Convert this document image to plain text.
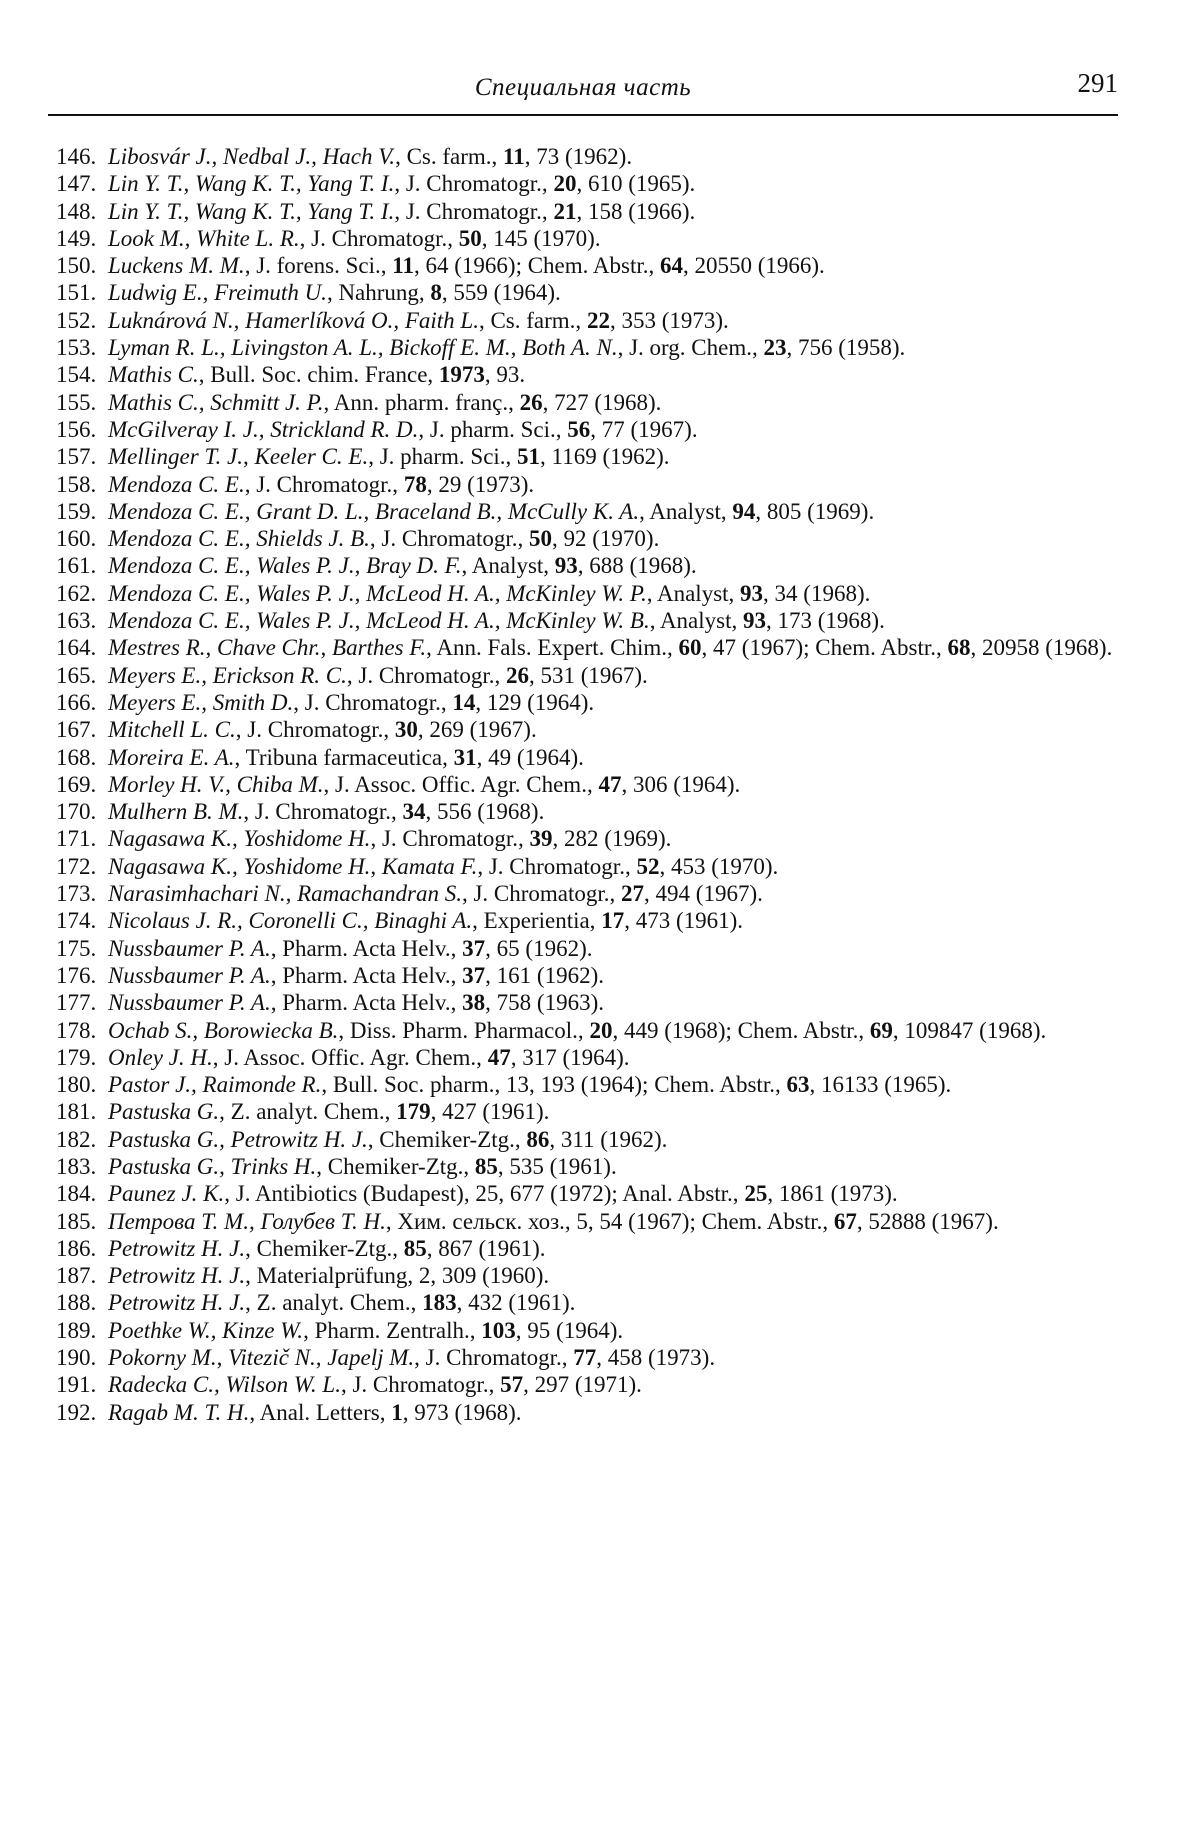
Специальная часть	291
146. Libosvár J., Nedbal J., Hach V., Cs. farm., 11, 73 (1962).
147. Lin Y. T., Wang K. T., Yang T. I., J. Chromatogr., 20, 610 (1965).
148. Lin Y. T., Wang K. T., Yang T. I., J. Chromatogr., 21, 158 (1966).
149. Look M., White L. R., J. Chromatogr., 50, 145 (1970).
150. Luckens M. M., J. forens. Sci., 11, 64 (1966); Chem. Abstr., 64, 20550 (1966).
151. Ludwig E., Freimuth U., Nahrung, 8, 559 (1964).
152. Luknárová N., Hamerlíková O., Faith L., Cs. farm., 22, 353 (1973).
153. Lyman R. L., Livingston A. L., Bickoff E. M., Both A. N., J. org. Chem., 23, 756 (1958).
154. Mathis C., Bull. Soc. chim. France, 1973, 93.
155. Mathis C., Schmitt J. P., Ann. pharm. franç., 26, 727 (1968).
156. McGilveray I. J., Strickland R. D., J. pharm. Sci., 56, 77 (1967).
157. Mellinger T. J., Keeler C. E., J. pharm. Sci., 51, 1169 (1962).
158. Mendoza C. E., J. Chromatogr., 78, 29 (1973).
159. Mendoza C. E., Grant D. L., Braceland B., McCully K. A., Analyst, 94, 805 (1969).
160. Mendoza C. E., Shields J. B., J. Chromatogr., 50, 92 (1970).
161. Mendoza C. E., Wales P. J., Bray D. F., Analyst, 93, 688 (1968).
162. Mendoza C. E., Wales P. J., McLeod H. A., McKinley W. P., Analyst, 93, 34 (1968).
163. Mendoza C. E., Wales P. J., McLeod H. A., McKinley W. B., Analyst, 93, 173 (1968).
164. Mestres R., Chave Chr., Barthes F., Ann. Fals. Expert. Chim., 60, 47 (1967); Chem. Abstr., 68, 20958 (1968).
165. Meyers E., Erickson R. C., J. Chromatogr., 26, 531 (1967).
166. Meyers E., Smith D., J. Chromatogr., 14, 129 (1964).
167. Mitchell L. C., J. Chromatogr., 30, 269 (1967).
168. Moreira E. A., Tribuna farmaceutica, 31, 49 (1964).
169. Morley H. V., Chiba M., J. Assoc. Offic. Agr. Chem., 47, 306 (1964).
170. Mulhern B. M., J. Chromatogr., 34, 556 (1968).
171. Nagasawa K., Yoshidome H., J. Chromatogr., 39, 282 (1969).
172. Nagasawa K., Yoshidome H., Kamata F., J. Chromatogr., 52, 453 (1970).
173. Narasimhachari N., Ramachandran S., J. Chromatogr., 27, 494 (1967).
174. Nicolaus J. R., Coronelli C., Binaghi A., Experientia, 17, 473 (1961).
175. Nussbaumer P. A., Pharm. Acta Helv., 37, 65 (1962).
176. Nussbaumer P. A., Pharm. Acta Helv., 37, 161 (1962).
177. Nussbaumer P. A., Pharm. Acta Helv., 38, 758 (1963).
178. Ochab S., Borowiecka B., Diss. Pharm. Pharmacol., 20, 449 (1968); Chem. Abstr., 69, 109847 (1968).
179. Onley J. H., J. Assoc. Offic. Agr. Chem., 47, 317 (1964).
180. Pastor J., Raimonde R., Bull. Soc. pharm., 13, 193 (1964); Chem. Abstr., 63, 16133 (1965).
181. Pastuska G., Z. analyt. Chem., 179, 427 (1961).
182. Pastuska G., Petrowitz H. J., Chemiker-Ztg., 86, 311 (1962).
183. Pastuska G., Trinks H., Chemiker-Ztg., 85, 535 (1961).
184. Paunez J. K., J. Antibiotics (Budapest), 25, 677 (1972); Anal. Abstr., 25, 1861 (1973).
185. Петрова Т. М., Голубев Т. Н., Хим. сельск. хоз., 5, 54 (1967); Chem. Abstr., 67, 52888 (1967).
186. Petrowitz H. J., Chemiker-Ztg., 85, 867 (1961).
187. Petrowitz H. J., Materialprüfung, 2, 309 (1960).
188. Petrowitz H. J., Z. analyt. Chem., 183, 432 (1961).
189. Poethke W., Kinze W., Pharm. Zentralh., 103, 95 (1964).
190. Pokorny M., Vitezič N., Japelj M., J. Chromatogr., 77, 458 (1973).
191. Radecka C., Wilson W. L., J. Chromatogr., 57, 297 (1971).
192. Ragab M. T. H., Anal. Letters, 1, 973 (1968).
